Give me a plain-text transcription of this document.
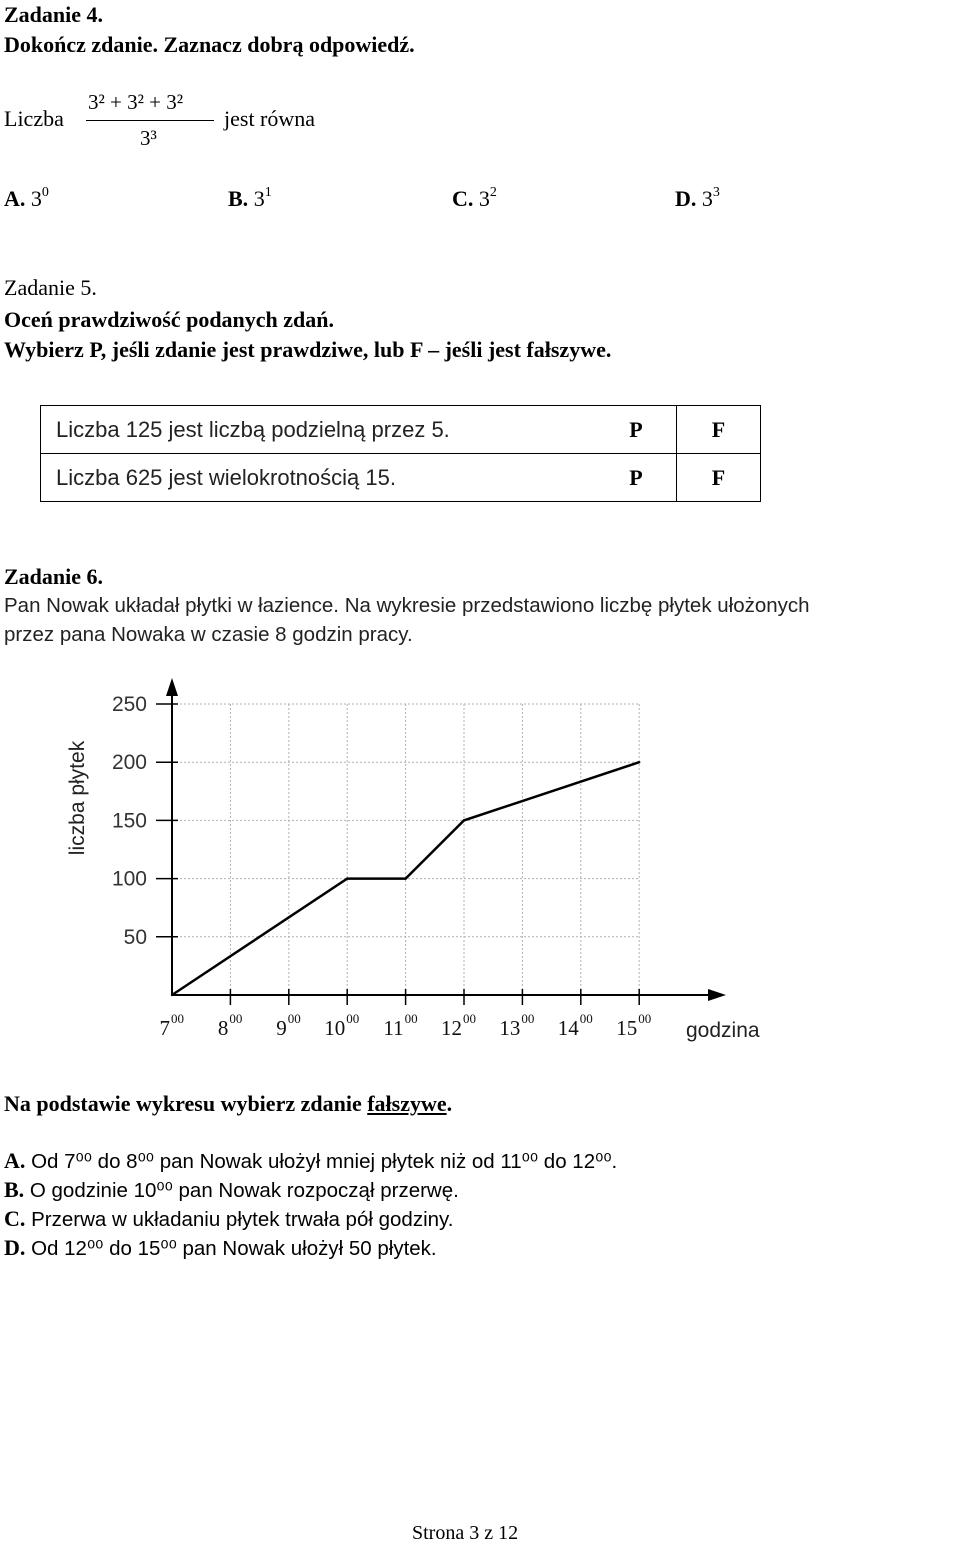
Zadanie 4.
Dokończ zdanie. Zaznacz dobrą odpowiedź.
Liczba
3² + 3² + 3²
3³
jest równa
A. $3^0$	B. $3^1$	C. $3^2$	D. $3^3$
Zadanie 5.
Oceń prawdziwość podanych zdań.
Wybierz P, jeśli zdanie jest prawdziwe, lub F – jeśli jest fałszywe.
Liczba 125 jest liczbą podzielną przez 5.	P	F
Liczba 625 jest wielokrotnością 15.	P	F
Zadanie 6.
Pan Nowak układał płytki w łazience. Na wykresie przedstawiono liczbę płytek ułożonych
przez pana Nowaka w czasie 8 godzin pracy.
50
100
150
200
250
7 00 8 00 9 00 10 00 11 00 12 00 13 00 14 00 15 00
godzina
liczba płytek
Na podstawie wykresu wybierz zdanie fałszywe.
A. Od 7⁰⁰ do 8⁰⁰ pan Nowak ułożył mniej płytek niż od 11⁰⁰ do 12⁰⁰.
B. O godzinie 10⁰⁰ pan Nowak rozpoczął przerwę.
C. Przerwa w układaniu płytek trwała pół godziny.
D. Od 12⁰⁰ do 15⁰⁰ pan Nowak ułożył 50 płytek.
Strona 3 z 12
